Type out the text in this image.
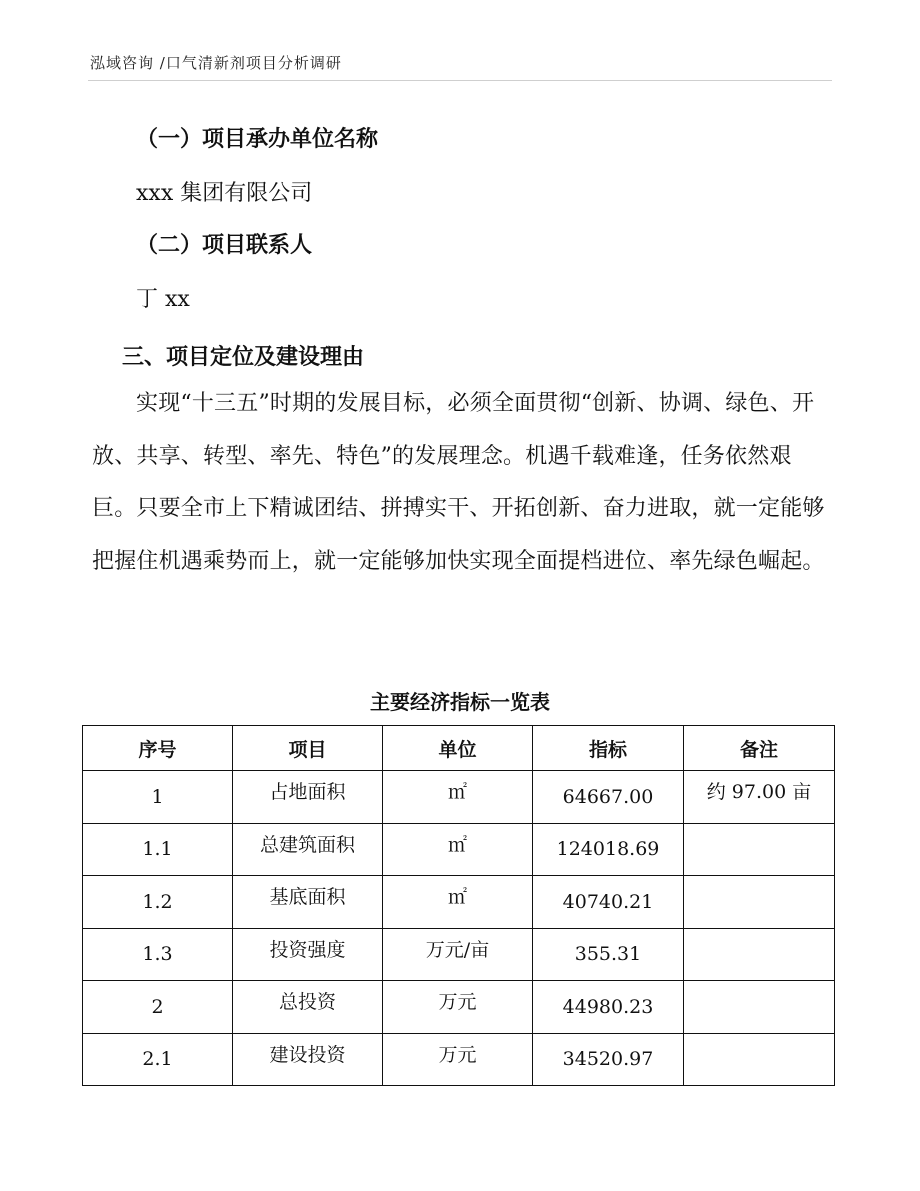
泓域咨询 /口气清新剂项目分析调研
（一）项目承办单位名称
xxx 集团有限公司
（二）项目联系人
丁 xx
三、项目定位及建设理由
实现“十三五”时期的发展目标，必须全面贯彻“创新、协调、绿色、开放、共享、转型、率先、特色”的发展理念。机遇千载难逢，任务依然艰巨。只要全市上下精诚团结、拼搏实干、开拓创新、奋力进取，就一定能够把握住机遇乘势而上，就一定能够加快实现全面提档进位、率先绿色崛起。
主要经济指标一览表
序号	项目	单位	指标	备注
1	占地面积	㎡	64667.00	约 97.00 亩
1.1	总建筑面积	㎡	124018.69	
1.2	基底面积	㎡	40740.21	
1.3	投资强度	万元/亩	355.31	
2	总投资	万元	44980.23	
2.1	建设投资	万元	34520.97	
